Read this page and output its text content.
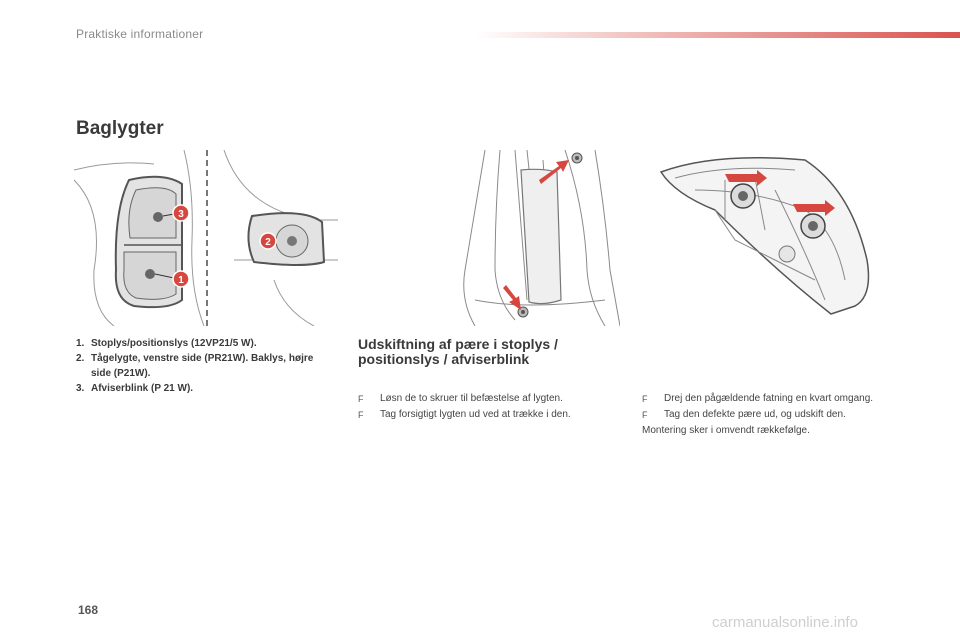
Praktiske informationer
Baglygter
3
2
1
1. Stoplys/positionslys (12VP21/5 W).
2. Tågelygte, venstre side (PR21W). Baklys, højre side (P21W).
3. Afviserblink (P 21 W).
Udskiftning af pære i stoplys / positionslys / afviserblink
F	Løsn de to skruer til befæstelse af lygten.
F	Tag forsigtigt lygten ud ved at trække i den.
F	Drej den pågældende fatning en kvart omgang.
F	Tag den defekte pære ud, og udskift den.
Montering sker i omvendt rækkefølge.
168
carmanualsonline.info
